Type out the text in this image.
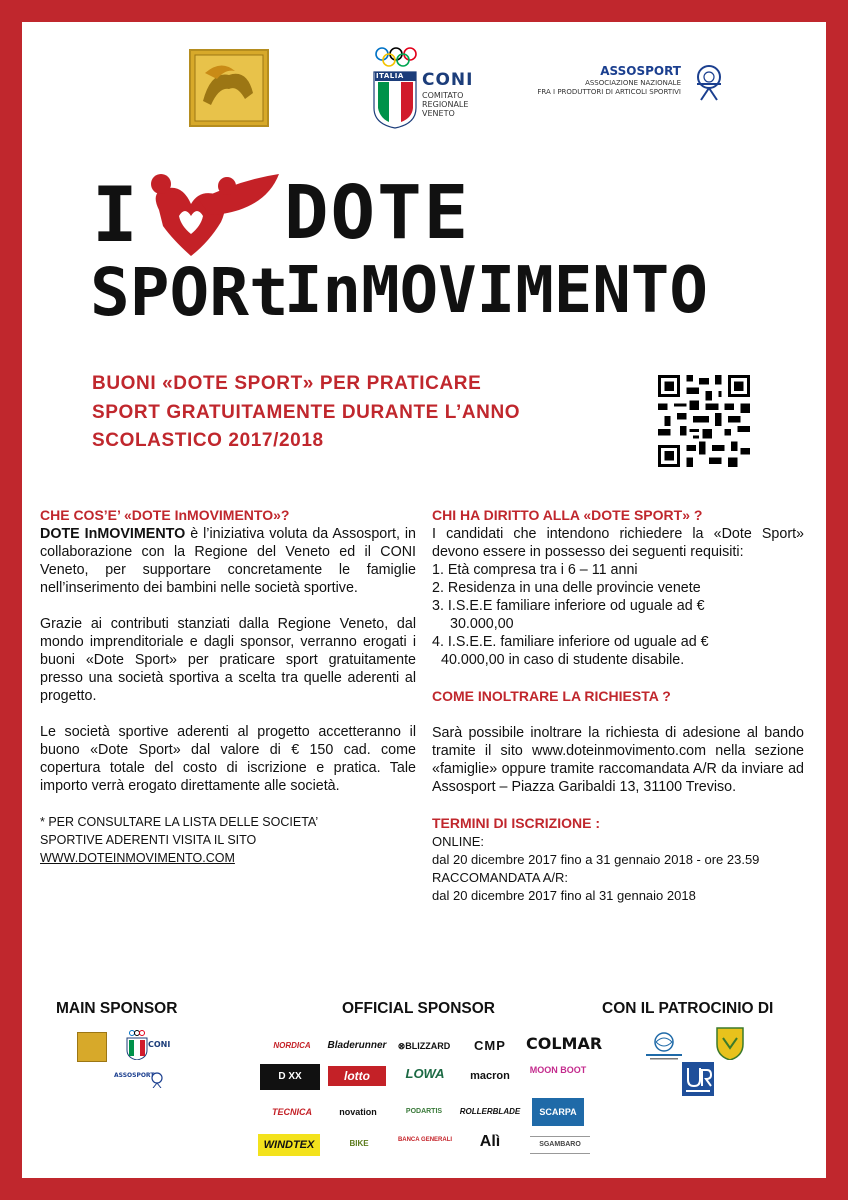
ITALIA CONI
COMITATO
REGIONALE
VENETO
ASSOSPORT
ASSOCIAZIONE NAZIONALE
FRA I PRODUTTORI DI ARTICOLI SPORTIVI
I DOTE
SPORt
InMOVIMENTO
BUONI «DOTE SPORT» PER PRATICARE
SPORT GRATUITAMENTE DURANTE L’ANNO
SCOLASTICO 2017/2018
CHE COS’E’ «DOTE InMOVIMENTO»?

DOTE InMOVIMENTO è l’iniziativa voluta da Assosport, in collaborazione con la Regione del Veneto ed il CONI Veneto, per supportare concretamente le famiglie nell’inserimento dei bambini nelle società sportive.

Grazie ai contributi stanziati dalla Regione Veneto, dal mondo imprenditoriale e dagli sponsor, verranno erogati i buoni «Dote Sport» per praticare sport gratuitamente presso una società sportiva a scelta tra quelle aderenti al progetto.

Le società sportive aderenti al progetto accetteranno il buono «Dote Sport» dal valore di € 150 cad. come copertura totale del costo di iscrizione e pratica. Tale importo verrà erogato direttamente alle società.

* PER CONSULTARE LA LISTA DELLE SOCIETA’
SPORTIVE ADERENTI VISITA IL SITO
WWW.DOTEINMOVIMENTO.COM
CHI HA DIRITTO ALLA «DOTE SPORT» ?

I candidati che intendono richiedere la «Dote Sport» devono essere in possesso dei seguenti requisiti:

1. Età compresa tra i 6 – 11 anni
2. Residenza in una delle provincie venete
3. I.S.E.E familiare inferiore od uguale ad €
30.000,00
4. I.S.E.E. familiare inferiore od uguale ad €
40.000,00 in caso di studente disabile.
COME INOLTRARE LA RICHIESTA ?

Sarà possibile inoltrare la richiesta di adesione al bando tramite il sito www.doteinmovimento.com nella sezione «famiglie» oppure tramite raccomandata A/R da inviare ad Assosport – Piazza Garibaldi 13, 31100 Treviso.

TERMINI DI ISCRIZIONE :
ONLINE:
dal 20 dicembre 2017 fino a 31 gennaio 2018 - ore 23.59
RACCOMANDATA A/R:
dal 20 dicembre 2017 fino al 31 gennaio 2018
MAIN SPONSOR	OFFICIAL SPONSOR	CON IL PATROCINIO DI
CONI
ASSOSPORT
NORDICA	Bladerunner	⊗BLIZZARD	CMP	COLMAR
D XX	lotto	LOWA	macron	MOON BOOT
TECNICA	novation	PODARTIS	ROLLERBLADE	SCARPA
WINDTEX	BIKE	BANCA GENERALI	Alì	SGAMBARO
